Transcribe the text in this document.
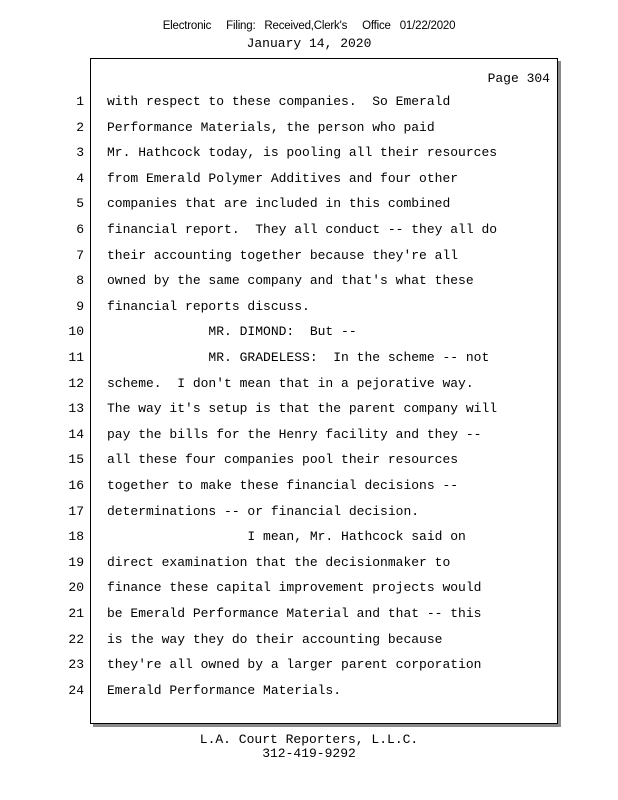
Electronic     Filing:   Received,Clerk's     Office   01/22/2020
January 14, 2020
Page 304
1 with respect to these companies.  So Emerald
2 Performance Materials, the person who paid
3 Mr. Hathcock today, is pooling all their resources
4 from Emerald Polymer Additives and four other
5 companies that are included in this combined
6 financial report.  They all conduct -- they all do
7 their accounting together because they're all
8 owned by the same company and that's what these
9 financial reports discuss.
10 MR. DIMOND:  But --
11 MR. GRADELESS:  In the scheme -- not
12 scheme.  I don't mean that in a pejorative way.
13 The way it's setup is that the parent company will
14 pay the bills for the Henry facility and they --
15 all these four companies pool their resources
16 together to make these financial decisions --
17 determinations -- or financial decision.
18 I mean, Mr. Hathcock said on
19 direct examination that the decisionmaker to
20 finance these capital improvement projects would
21 be Emerald Performance Material and that -- this
22 is the way they do their accounting because
23 they're all owned by a larger parent corporation
24 Emerald Performance Materials.
L.A. Court Reporters, L.L.C.
312-419-9292
